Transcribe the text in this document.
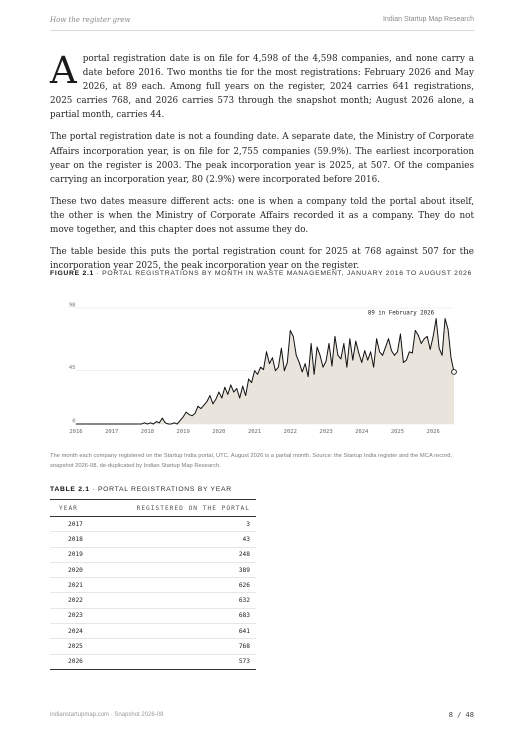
How the register grew	Indian Startup Map Research

Aportal registration date is on file for 4,598 of the 4,598 companies, and none carry a date before 2016. Two months tie for the most registrations: February 2026 and May 2026, at 89 each. Among full years on the register, 2024 carries 641 registrations, 2025 carries 768, and 2026 carries 573 through the snapshot month; August 2026 alone, a partial month, carries 44.

The portal registration date is not a founding date. A separate date, the Ministry of Corporate Affairs incorporation year, is on file for 2,755 companies (59.9%). The earliest incorporation year on the register is 2003. The peak incorporation year is 2025, at 507. Of the companies carrying an incorporation year, 80 (2.9%) were incorporated before 2016.

These two dates measure different acts: one is when a company told the portal about itself, the other is when the Ministry of Corporate Affairs recorded it as a company. They do not move together, and this chapter does not assume they do.

The table beside this puts the portal registration count for 2025 at 768 against 507 for the incorporation year 2025, the peak incorporation year on the register.

FIGURE 2.1 · PORTAL REGISTRATIONS BY MONTH IN WASTE MANAGEMENT, JANUARY 2016 TO AUGUST 2026
0
45
98
2016	2017	2018	2019	2020	2021	2022	2023	2024	2025	2026
89 in February 2026
The month each company registered on the Startup India portal, UTC. August 2026 is a partial month. Source: the Startup India register and the MCA record, snapshot 2026-08, de-duplicated by Indian Startup Map Research.
TABLE 2.1 · PORTAL REGISTRATIONS BY YEAR
YEAR	REGISTERED ON THE PORTAL
2017	3
2018	43
2019	248
2020	389
2021	626
2022	632
2023	683
2024	641
2025	768
2026	573
indianstartupmap.com · Snapshot 2026-08	8 / 48
